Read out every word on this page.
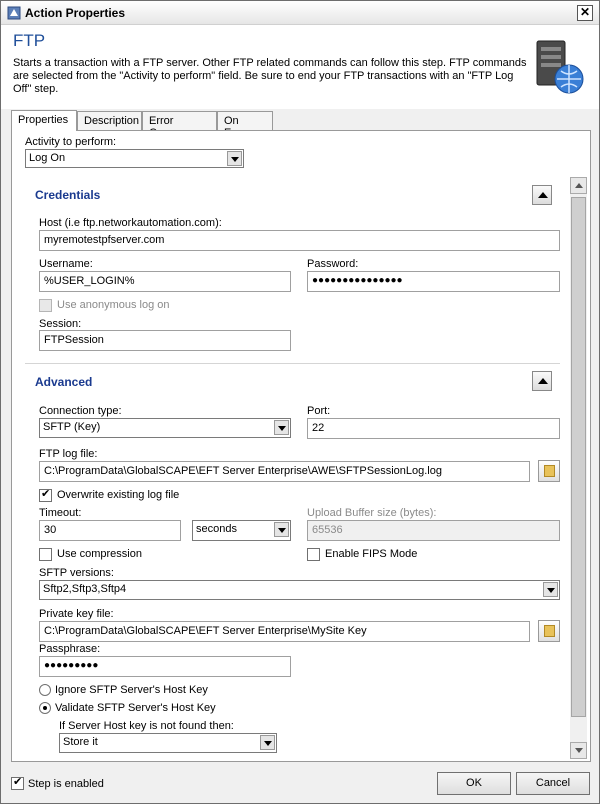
Action Properties	✕
FTP
Starts a transaction with a FTP server. Other FTP related commands can follow this step. FTP commands are selected from the "Activity to perform" field. Be sure to end your FTP transactions with an "FTP Log Off" step.
Properties	Description Error	On
Activity to perform:
Log On
Credentials
Host (i.e ftp.networkautomation.com):
myremotestpfserver.com
Username:
%USER_LOGIN%
Password:
●●●●●●●●●●●●●●●
Use anonymous log on
Session:
FTPSession
Advanced
Connection type:
SFTP (Key)
Port:
22
FTP log file:
C:\ProgramData\GlobalSCAPE\EFT Server Enterprise\AWE\SFTPSessionLog.log
✔
Overwrite existing log file
Timeout:
30	seconds
Upload Buffer size (bytes):
65536
Use compression	Enable FIPS Mode
SFTP versions:
Sftp2,Sftp3,Sftp4
Private key file:
C:\ProgramData\GlobalSCAPE\EFT Server Enterprise\MySite Key
Passphrase:
●●●●●●●●●
Ignore SFTP Server's Host Key
Validate SFTP Server's Host Key
If Server Host key is not found then:
Store it
✔
Step is enabled	OK	Cancel
